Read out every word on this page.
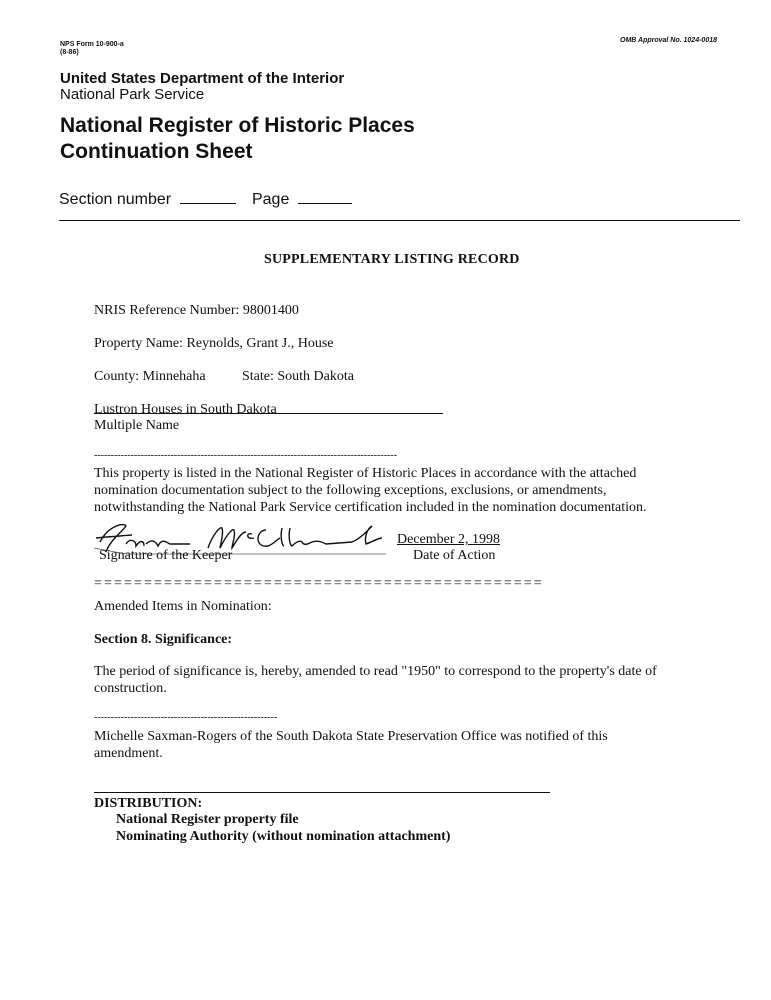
NPS Form 10-900-a
(8-86)
OMB Approval No. 1024-0018
United States Department of the Interior
National Park Service
National Register of Historic Places
Continuation Sheet
Section number	Page
SUPPLEMENTARY LISTING RECORD
NRIS Reference Number: 98001400
Property Name: Reynolds, Grant J., House
County: Minnehaha	State: South Dakota
Lustron Houses in South Dakota
Multiple Name
-------------------------------------------------------------------------------------------
This property is listed in the National Register of Historic Places in accordance with the attached nomination documentation subject to the following exceptions, exclusions, or amendments, notwithstanding the National Park Service certification included in the nomination documentation.
Signature of the Keeper
December 2, 1998
Date of Action
=============================================
Amended Items in Nomination:
Section 8. Significance:
The period of significance is, hereby, amended to read "1950" to correspond to the property's date of construction.
-------------------------------------------------------
Michelle Saxman-Rogers of the South Dakota State Preservation Office was notified of this amendment.
DISTRIBUTION:
National Register property file
Nominating Authority (without nomination attachment)
